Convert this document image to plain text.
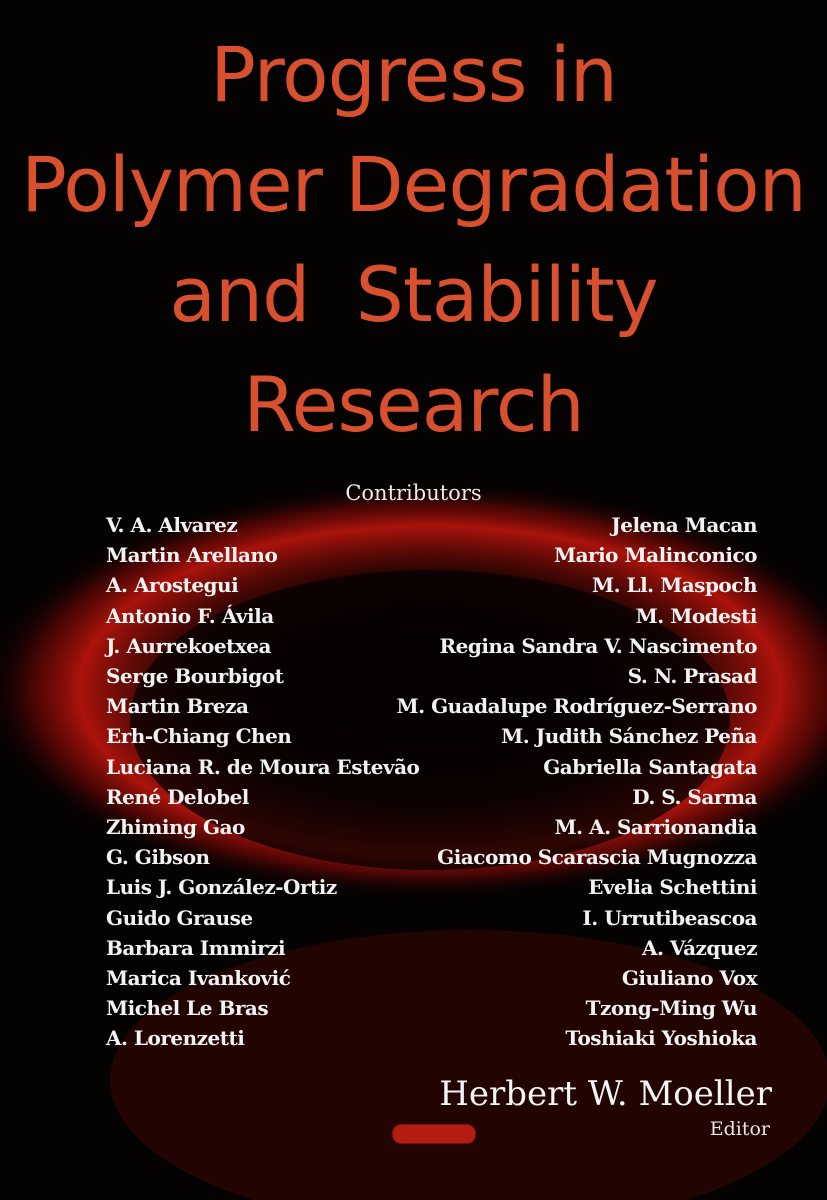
Progress in
Polymer Degradation
and  Stability
Research
Contributors
V. A. Alvarez
Martin Arellano
A. Arostegui
Antonio F. Ávila
J. Aurrekoetxea
Serge Bourbigot
Martin Breza
Erh-Chiang Chen
Luciana R. de Moura Estevão
René Delobel
Zhiming Gao
G. Gibson
Luis J. González-Ortiz
Guido Grause
Barbara Immirzi
Marica Ivanković
Michel Le Bras
A. Lorenzetti
Jelena Macan
Mario Malinconico
M. Ll. Maspoch
M. Modesti
Regina Sandra V. Nascimento
S. N. Prasad
M. Guadalupe Rodríguez-Serrano
M. Judith Sánchez Peña
Gabriella Santagata
D. S. Sarma
M. A. Sarrionandia
Giacomo Scarascia Mugnozza
Evelia Schettini
I. Urrutibeascoa
A. Vázquez
Giuliano Vox
Tzong-Ming Wu
Toshiaki Yoshioka
Herbert W. Moeller
Editor
